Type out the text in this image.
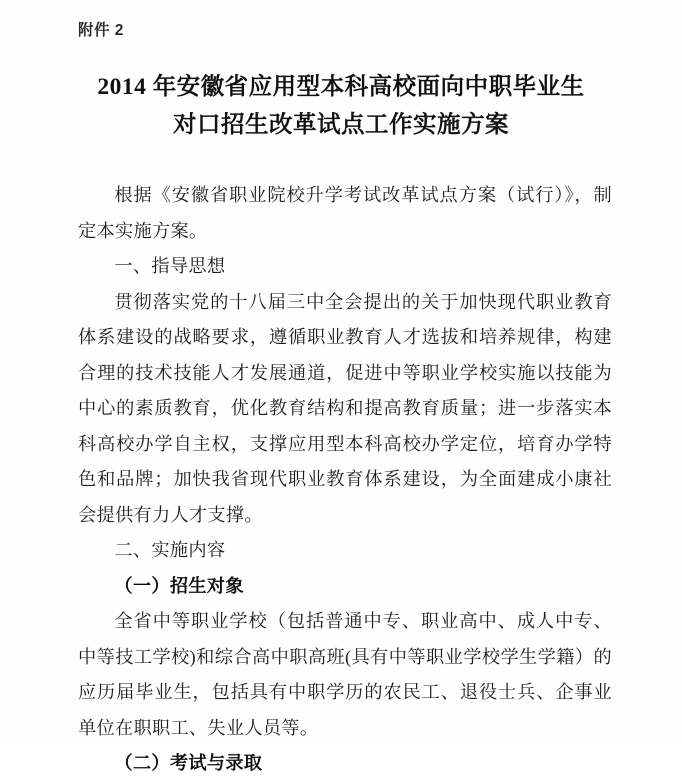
附件 2
2014 年安徽省应用型本科高校面向中职毕业生
对口招生改革试点工作实施方案

根据《安徽省职业院校升学考试改革试点方案（试行）》，制定本实施方案。

一、指导思想

贯彻落实党的十八届三中全会提出的关于加快现代职业教育体系建设的战略要求，遵循职业教育人才选拔和培养规律，构建合理的技术技能人才发展通道，促进中等职业学校实施以技能为中心的素质教育，优化教育结构和提高教育质量；进一步落实本科高校办学自主权，支撑应用型本科高校办学定位，培育办学特色和品牌；加快我省现代职业教育体系建设，为全面建成小康社会提供有力人才支撑。

二、实施内容

（一）招生对象

全省中等职业学校（包括普通中专、职业高中、成人中专、中等技工学校)和综合高中职高班(具有中等职业学校学生学籍）的应历届毕业生，包括具有中职学历的农民工、退役士兵、企事业单位在职职工、失业人员等。

（二）考试与录取
